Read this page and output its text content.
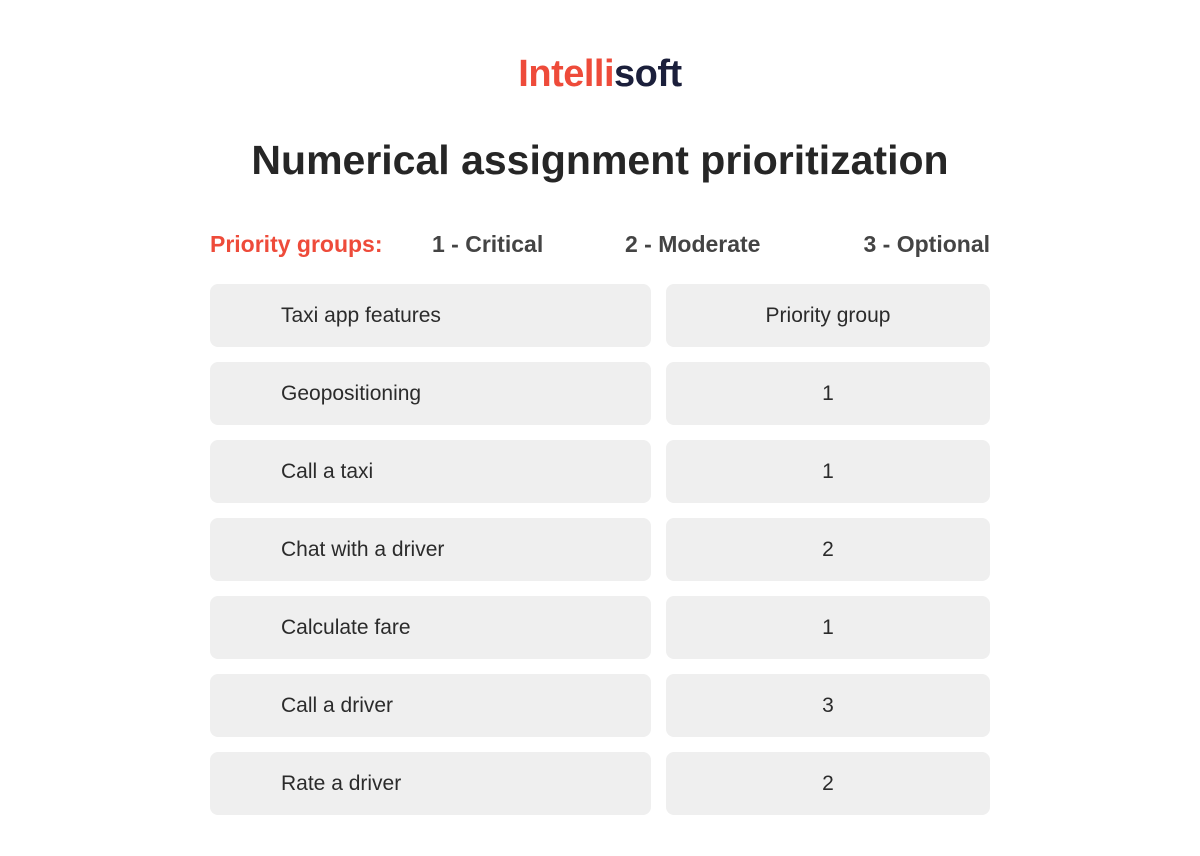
Intellisoft
Numerical assignment prioritization
Priority groups: 1 - Critical	2 - Moderate	3 - Optional
Taxi app features	Priority group
Geopositioning	1
Call a taxi	1
Chat with a driver	2
Calculate fare	1
Call a driver	3
Rate a driver	2
